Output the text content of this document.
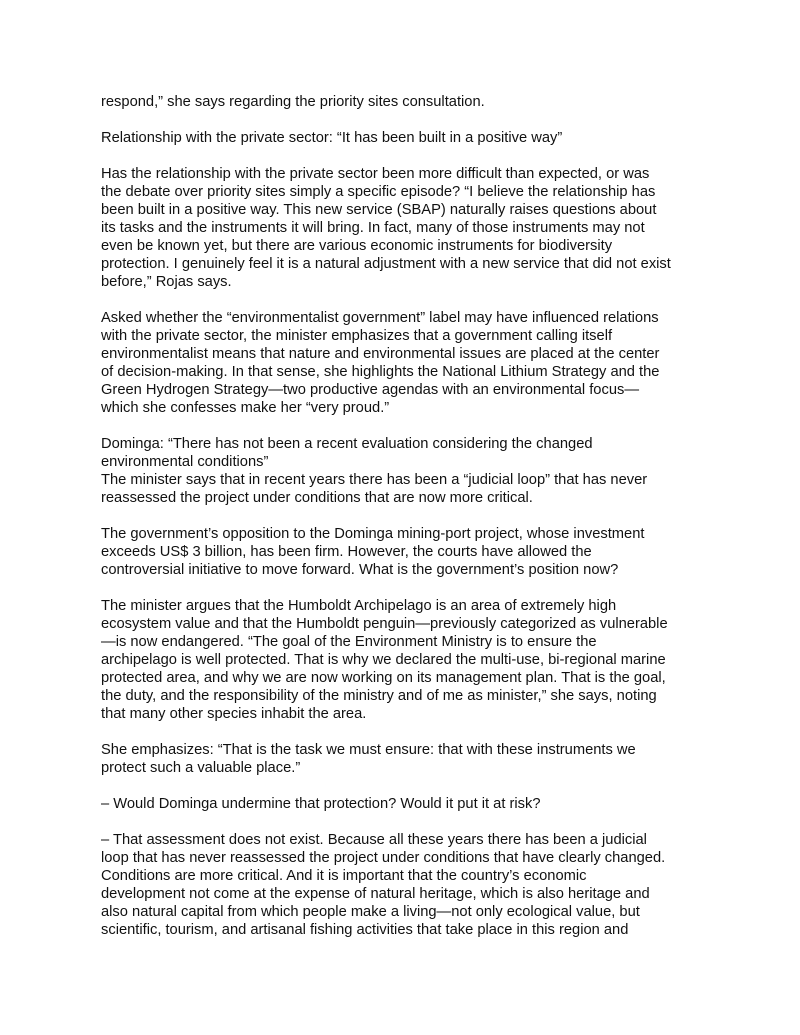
respond,” she says regarding the priority sites consultation.
Relationship with the private sector: “It has been built in a positive way”
Has the relationship with the private sector been more difficult than expected, or was
the debate over priority sites simply a specific episode? “I believe the relationship has
been built in a positive way. This new service (SBAP) naturally raises questions about
its tasks and the instruments it will bring. In fact, many of those instruments may not
even be known yet, but there are various economic instruments for biodiversity
protection. I genuinely feel it is a natural adjustment with a new service that did not exist
before,” Rojas says.
Asked whether the “environmentalist government” label may have influenced relations
with the private sector, the minister emphasizes that a government calling itself
environmentalist means that nature and environmental issues are placed at the center
of decision-making. In that sense, she highlights the National Lithium Strategy and the
Green Hydrogen Strategy—two productive agendas with an environmental focus—
which she confesses make her “very proud.”
Dominga: “There has not been a recent evaluation considering the changed
environmental conditions”
The minister says that in recent years there has been a “judicial loop” that has never
reassessed the project under conditions that are now more critical.
The government’s opposition to the Dominga mining-port project, whose investment
exceeds US$ 3 billion, has been firm. However, the courts have allowed the
controversial initiative to move forward. What is the government’s position now?
The minister argues that the Humboldt Archipelago is an area of extremely high
ecosystem value and that the Humboldt penguin—previously categorized as vulnerable
—is now endangered. “The goal of the Environment Ministry is to ensure the
archipelago is well protected. That is why we declared the multi-use, bi-regional marine
protected area, and why we are now working on its management plan. That is the goal,
the duty, and the responsibility of the ministry and of me as minister,” she says, noting
that many other species inhabit the area.
She emphasizes: “That is the task we must ensure: that with these instruments we
protect such a valuable place.”
– Would Dominga undermine that protection? Would it put it at risk?
– That assessment does not exist. Because all these years there has been a judicial
loop that has never reassessed the project under conditions that have clearly changed.
Conditions are more critical. And it is important that the country’s economic
development not come at the expense of natural heritage, which is also heritage and
also natural capital from which people make a living—not only ecological value, but
scientific, tourism, and artisanal fishing activities that take place in this region and
